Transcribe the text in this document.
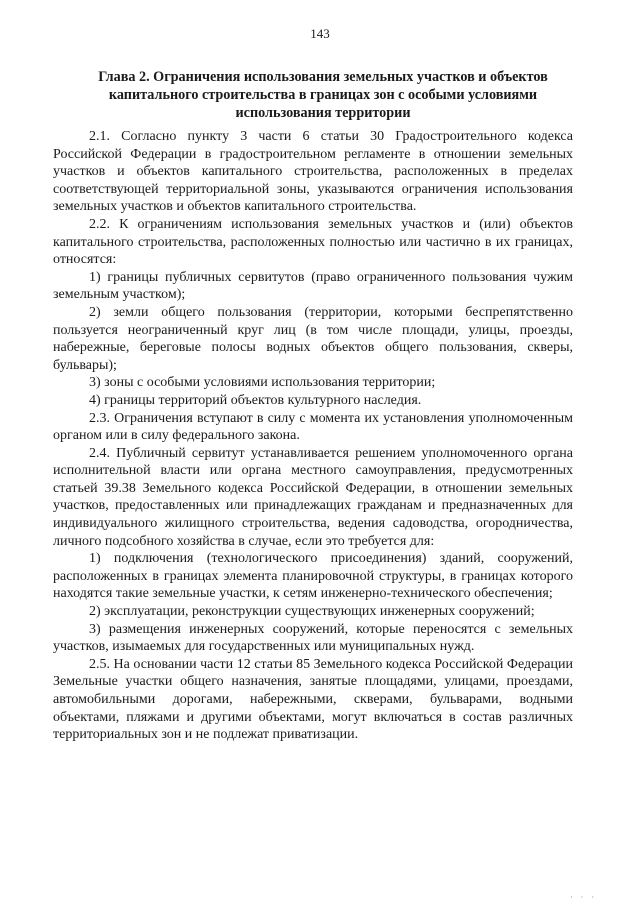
143
Глава 2. Ограничения использования земельных участков и объектов капитального строительства в границах зон с особыми условиями использования территории

2.1. Согласно пункту 3 части 6 статьи 30 Градостроительного кодекса Российской Федерации в градостроительном регламенте в отношении земельных участков и объектов капитального строительства, расположенных в пределах соответствующей территориальной зоны, указываются ограничения использования земельных участков и объектов капитального строительства.

2.2. К ограничениям использования земельных участков и (или) объектов капитального строительства, расположенных полностью или частично в их границах, относятся:

1) границы публичных сервитутов (право ограниченного пользования чужим земельным участком);

2) земли общего пользования (территории, которыми беспрепятственно пользуется неограниченный круг лиц (в том числе площади, улицы, проезды, набережные, береговые полосы водных объектов общего пользования, скверы, бульвары);

3) зоны с особыми условиями использования территории;

4) границы территорий объектов культурного наследия.

2.3. Ограничения вступают в силу с момента их установления уполномоченным органом или в силу федерального закона.

2.4. Публичный сервитут устанавливается решением уполномоченного органа исполнительной власти или органа местного самоуправления, предусмотренных статьей 39.38 Земельного кодекса Российской Федерации, в отношении земельных участков, предоставленных или принадлежащих гражданам и предназначенных для индивидуального жилищного строительства, ведения садоводства, огородничества, личного подсобного хозяйства в случае, если это требуется для:

1) подключения (технологического присоединения) зданий, сооружений, расположенных в границах элемента планировочной структуры, в границах которого находятся такие земельные участки, к сетям инженерно-технического обеспечения;

2) эксплуатации, реконструкции существующих инженерных сооружений;

3) размещения инженерных сооружений, которые переносятся с земельных участков, изымаемых для государственных или муниципальных нужд.

2.5. На основании части 12 статьи 85 Земельного кодекса Российской Федерации Земельные участки общего назначения, занятые площадями, улицами, проездами, автомобильными дорогами, набережными, скверами, бульварами, водными объектами, пляжами и другими объектами, могут включаться в состав различных территориальных зон и не подлежат приватизации.

· · ·
